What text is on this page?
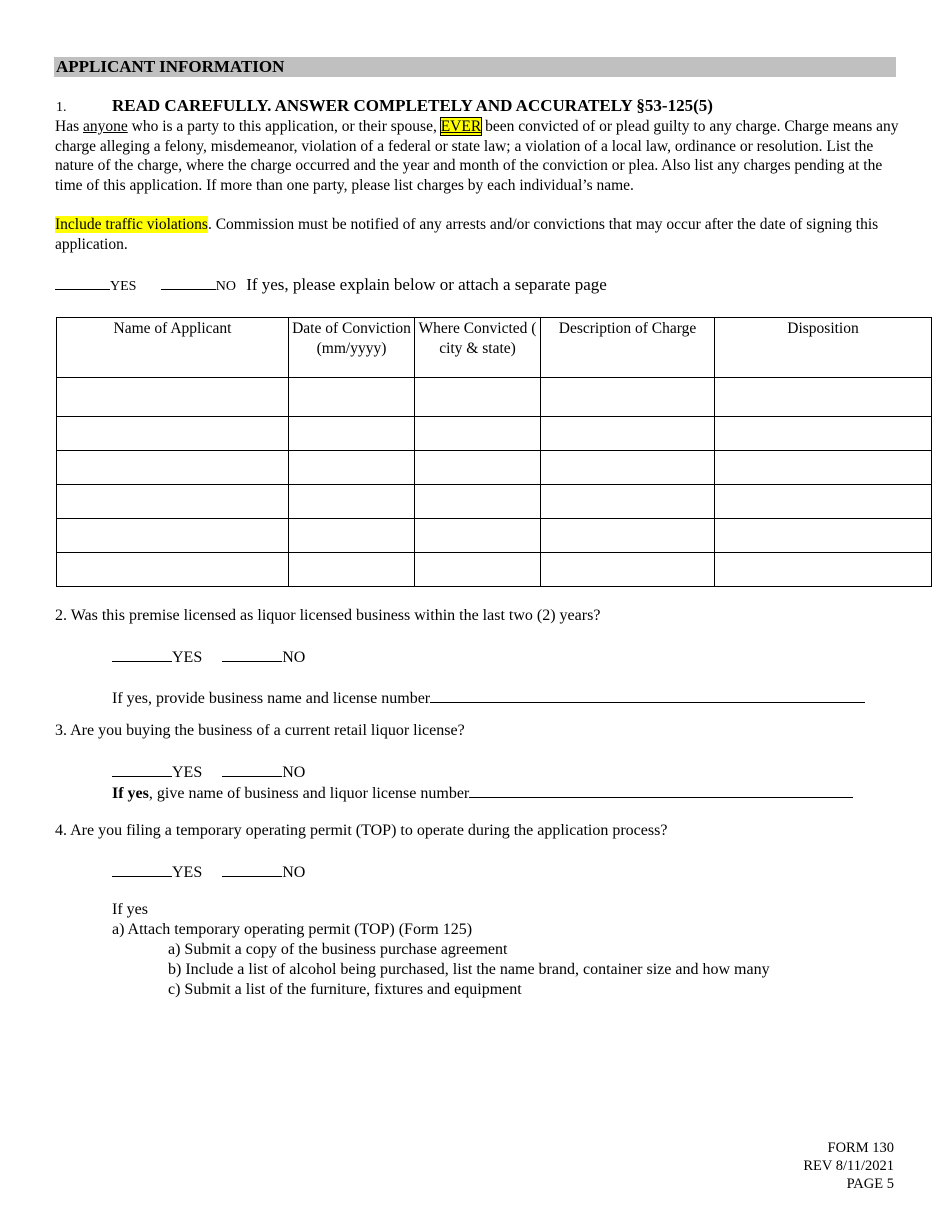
APPLICANT INFORMATION
1.	READ CAREFULLY. ANSWER COMPLETELY AND ACCURATELY §53-125(5)
Has anyone who is a party to this application, or their spouse, EVER been convicted of or plead guilty to any charge. Charge means any charge alleging a felony, misdemeanor, violation of a federal or state law; a violation of a local law, ordinance or resolution. List the nature of the charge, where the charge occurred and the year and month of the conviction or plea. Also list any charges pending at the time of this application. If more than one party, please list charges by each individual’s name.
Include traffic violations. Commission must be notified of any arrests and/or convictions that may occur after the date of signing this application.
YES	NO If yes, please explain below or attach a separate page
Name of Applicant	Date of Conviction (mm/yyyy)	Where Convicted ( city & state)	Description of Charge	Disposition

2. Was this premise licensed as liquor licensed business within the last two (2) years?
YES	NO
If yes, provide business name and license number
3. Are you buying the business of a current retail liquor license?
YES	NO
If yes, give name of business and liquor license number
4. Are you filing a temporary operating permit (TOP) to operate during the application process?
YES	NO
If yes
a) Attach temporary operating permit (TOP) (Form 125)
a) Submit a copy of the business purchase agreement
b) Include a list of alcohol being purchased, list the name brand, container size and how many
c) Submit a list of the furniture, fixtures and equipment
FORM 130
REV 8/11/2021
PAGE 5
